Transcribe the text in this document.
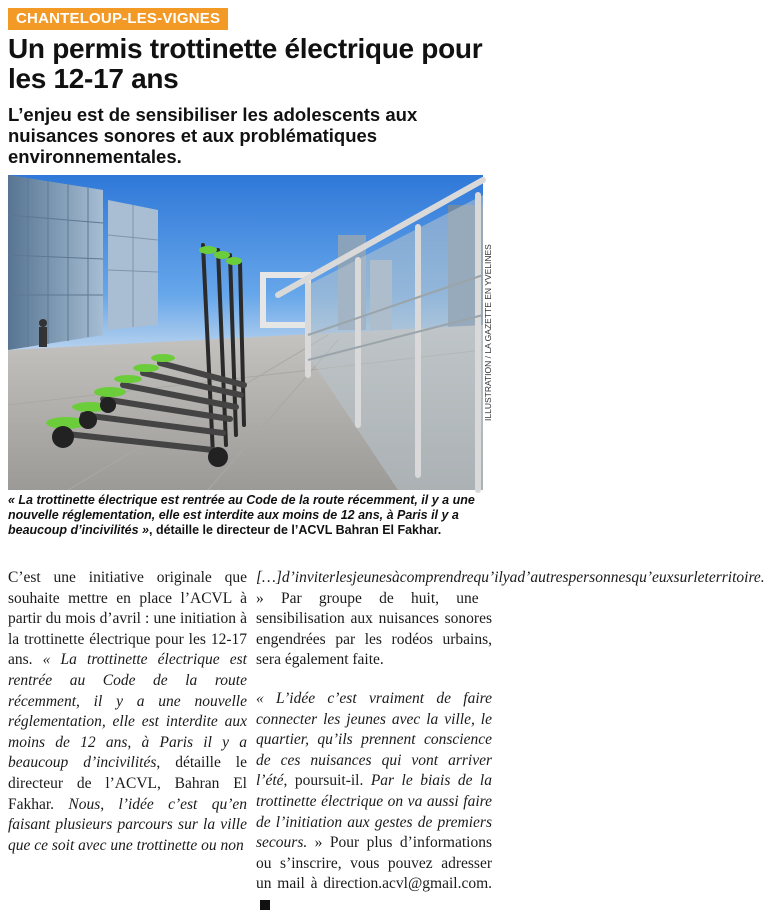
CHANTELOUP-LES-VIGNES
Un permis trottinette électrique pour les 12-17 ans

L’enjeu est de sensibiliser les adolescents aux nuisances sonores et aux problématiques environnementales.

ILLUSTRATION / LA GAZETTE EN YVELINES

« La trottinette électrique est rentrée au Code de la route récemment, il y a une nouvelle réglementation, elle est interdite aux moins de 12 ans, à Paris il y a beaucoup d’incivilités », détaille le directeur de l’ACVL Bahran El Fakhar.

C’est une initiative originale que souhaite mettre en place l’ACVL à partir du mois d’avril : une initiation à la trottinette électrique pour les 12-17 ans. « La trottinette électrique est rentrée au Code de la route récemment, il y a une nouvelle réglementation, elle est interdite aux moins de 12 ans, à Paris il y a beaucoup d’incivilités, détaille le directeur de l’ACVL, Bahran El Fakhar. Nous, l’idée c’est qu’en faisant plusieurs parcours sur la ville que ce soit avec une trottinette ou non

[…]d’inviterlesjeunesàcomprendrequ’ilyad’autrespersonnesqu’euxsurleterritoire. » Par groupe de huit, une sensibilisation aux nuisances sonores engendrées par les rodéos urbains, sera également faite.

« L’idée c’est vraiment de faire connecter les jeunes avec la ville, le quartier, qu’ils prennent conscience de ces nuisances qui vont arriver l’été, poursuit-il. Par le biais de la trottinette électrique on va aussi faire de l’initiation aux gestes de premiers secours. » Pour plus d’informations ou s’inscrire, vous pouvez adresser un mail à direction.acvl@gmail.com.
